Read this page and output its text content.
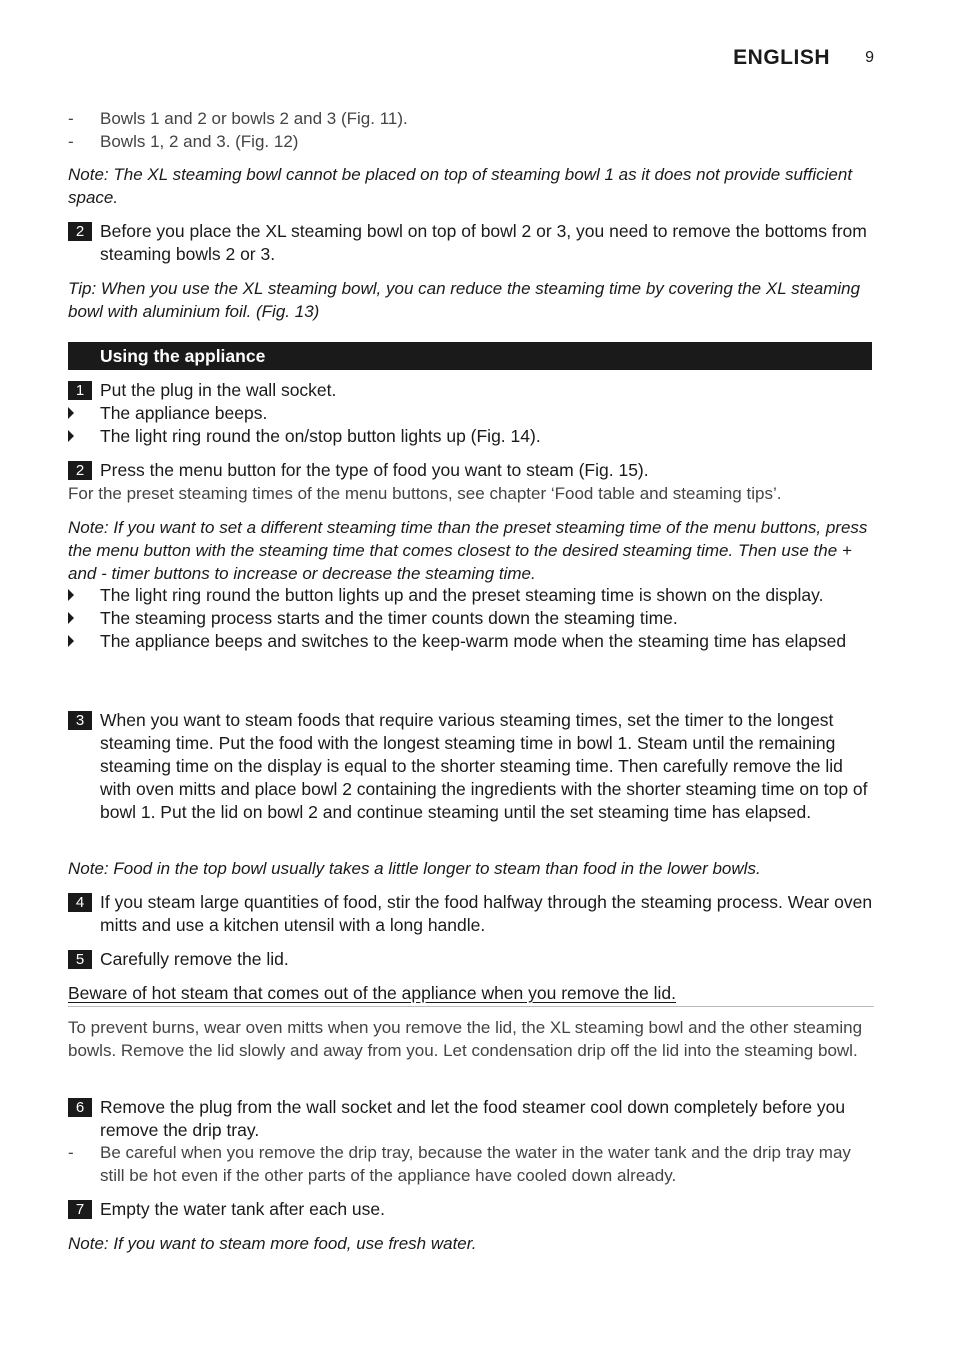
ENGLISH 9
- Bowls 1 and 2 or bowls 2 and 3 (Fig. 11).
- Bowls 1, 2 and 3. (Fig. 12)
Note: The XL steaming bowl cannot be placed on top of steaming bowl 1 as it does not provide sufficient space.
2 Before you place the XL steaming bowl on top of bowl 2 or 3, you need to remove the bottoms from steaming bowls 2 or 3.
Tip: When you use the XL steaming bowl, you can reduce the steaming time by covering the XL steaming bowl with aluminium foil. (Fig. 13)
Using the appliance
1 Put the plug in the wall socket.
The appliance beeps.
The light ring round the on/stop button lights up (Fig. 14).
2 Press the menu button for the type of food you want to steam (Fig. 15).
For the preset steaming times of the menu buttons, see chapter ‘Food table and steaming tips’.
Note: If you want to set a different steaming time than the preset steaming time of the menu buttons, press the menu button with the steaming time that comes closest to the desired steaming time. Then use the + and - timer buttons to increase or decrease the steaming time.
The light ring round the button lights up and the preset steaming time is shown on the display.
The steaming process starts and the timer counts down the steaming time.
The appliance beeps and switches to the keep-warm mode when the steaming time has elapsed
3 When you want to steam foods that require various steaming times, set the timer to the longest steaming time. Put the food with the longest steaming time in bowl 1. Steam until the remaining steaming time on the display is equal to the shorter steaming time. Then carefully remove the lid with oven mitts and place bowl 2 containing the ingredients with the shorter steaming time on top of bowl 1. Put the lid on bowl 2 and continue steaming until the set steaming time has elapsed.
Note: Food in the top bowl usually takes a little longer to steam than food in the lower bowls.
4 If you steam large quantities of food, stir the food halfway through the steaming process. Wear oven mitts and use a kitchen utensil with a long handle.
5 Carefully remove the lid.
Beware of hot steam that comes out of the appliance when you remove the lid.
To prevent burns, wear oven mitts when you remove the lid, the XL steaming bowl and the other steaming bowls. Remove the lid slowly and away from you. Let condensation drip off the lid into the steaming bowl.
6 Remove the plug from the wall socket and let the food steamer cool down completely before you remove the drip tray.
- Be careful when you remove the drip tray, because the water in the water tank and the drip tray may still be hot even if the other parts of the appliance have cooled down already.
7 Empty the water tank after each use.
Note: If you want to steam more food, use fresh water.
